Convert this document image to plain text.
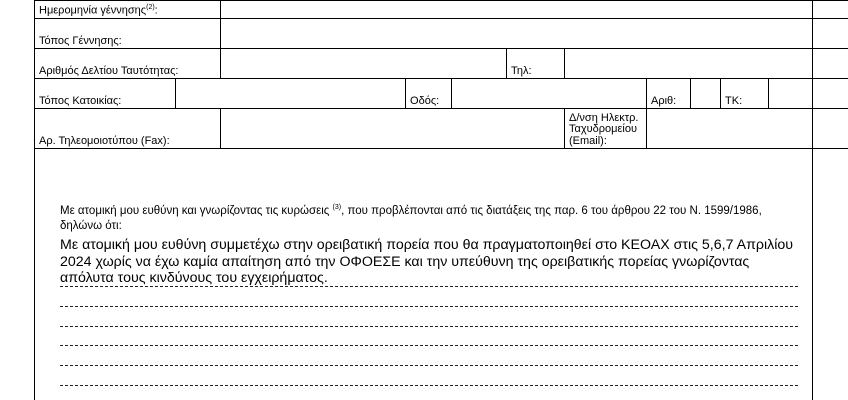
Ημερομηνία γέννησης$^{(2)}$:										
Τόπος Γέννησης:										
Αριθμός Δελτίου Ταυτότητας:					Τηλ:					
Τόπος Κατοικίας:			Οδός:				Αριθ:		ΤΚ:	
Αρ. Τηλεομοιοτύπου (Fax):						Δ/νση Ηλεκτρ.
Ταχυδρομείου
(Email):				
Με ατομική μου ευθύνη και γνωρίζοντας τις κυρώσεις $^{(3)}$, που προβλέπονται από τις διατάξεις της παρ. 6 του άρθρου 22 του Ν. 1599/1986, δηλώνω ότι:
Με ατομική μου ευθύνη συμμετέχω στην ορειβατική πορεία που θα πραγματοποιηθεί στο ΚΕΟΑΧ στις 5,6,7 Απριλίου 2024 χωρίς να έχω καμία απαίτηση από την ΟΦΟΕΣΕ και την υπεύθυνη της ορειβατικής πορείας γνωρίζοντας απόλυτα τους κινδύνους του εγχειρήματος.
